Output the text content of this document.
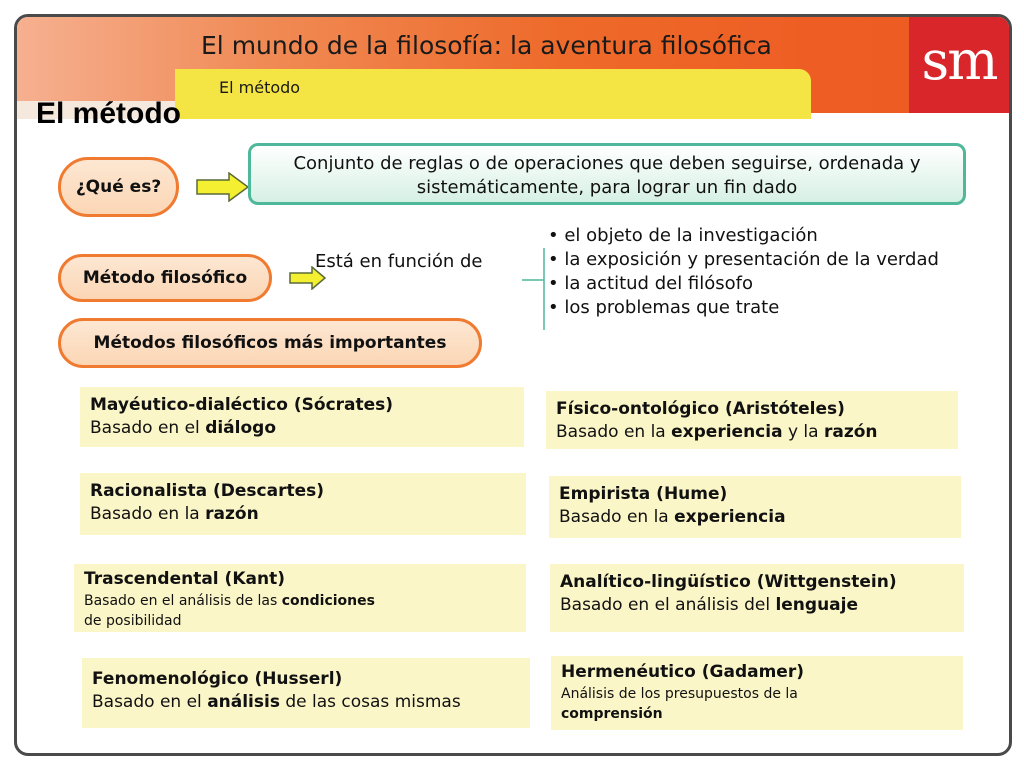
sm
El mundo de la filosofía: la aventura filosófica
El método
El método
¿Qué es?
Conjunto de reglas o de operaciones que deben seguirse, ordenada y
sistemáticamente, para lograr un fin dado
Método filosófico
Está en función de
• el objeto de la investigación
• la exposición y presentación de la verdad
• la actitud del filósofo
• los problemas que trate
Métodos filosóficos más importantes
Mayéutico-dialéctico (Sócrates)
Basado en el diálogo
Físico-ontológico (Aristóteles)
Basado en la experiencia y la razón
Racionalista (Descartes)
Basado en la razón
Empirista (Hume)
Basado en la experiencia
Trascendental (Kant)
Basado en el análisis de las condiciones
de posibilidad
Analítico-lingüístico (Wittgenstein)
Basado en el análisis del lenguaje
Fenomenológico (Husserl)
Basado en el análisis de las cosas mismas
Hermenéutico (Gadamer)
Análisis de los presupuestos de la
comprensión
